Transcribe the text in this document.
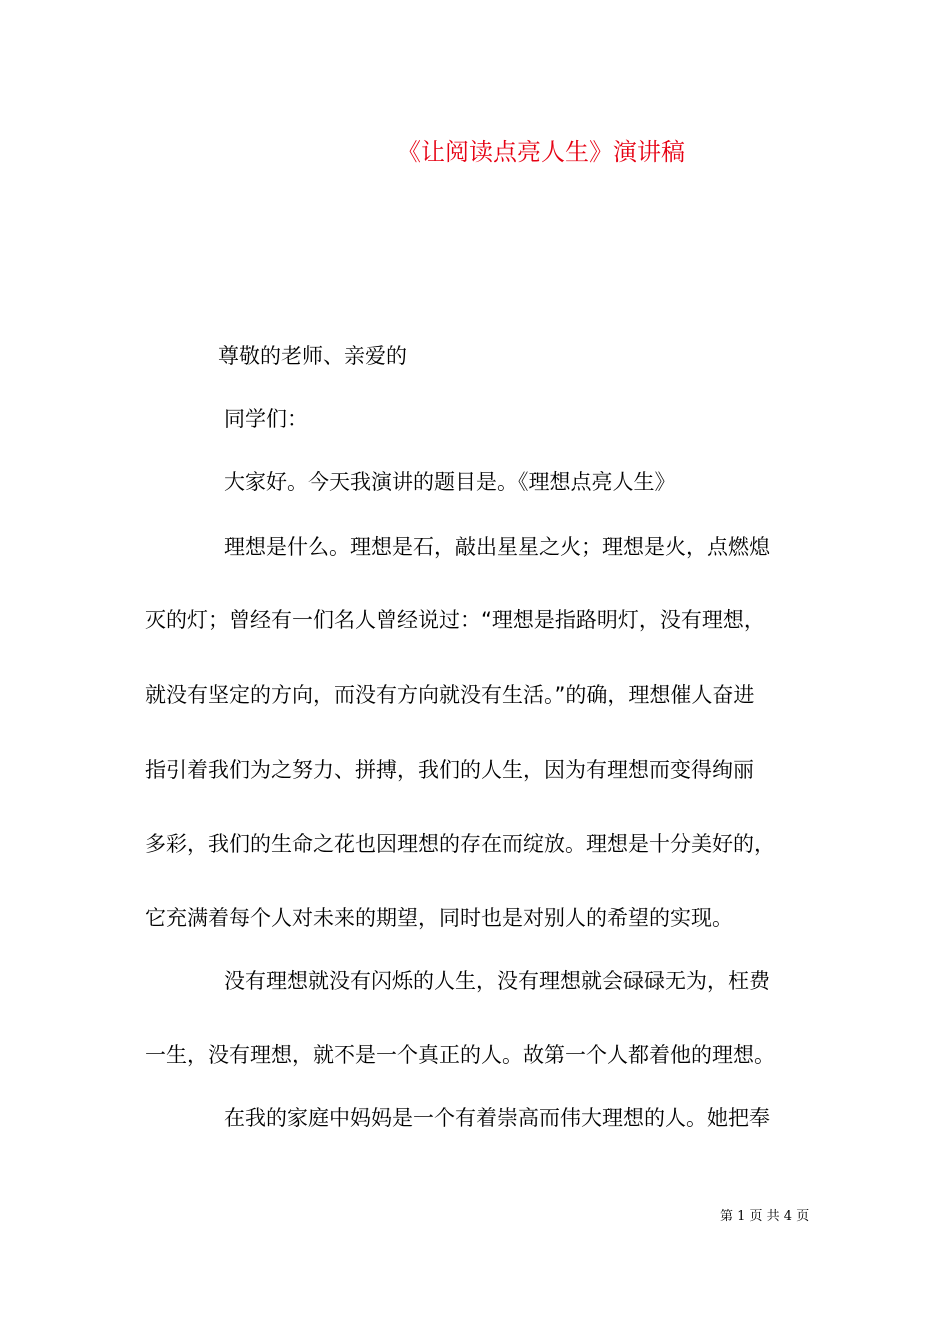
《让阅读点亮人生》演讲稿
尊敬的老师、亲爱的
同学们：
大家好。今天我演讲的题目是。《理想点亮人生》
理想是什么。理想是石，敲出星星之火；理想是火，点燃熄
灭的灯；曾经有一们名人曾经说过：“理想是指路明灯，没有理想，
就没有坚定的方向，而没有方向就没有生活。”的确，理想催人奋进
指引着我们为之努力、拼搏，我们的人生，因为有理想而变得绚丽
多彩，我们的生命之花也因理想的存在而绽放。理想是十分美好的，
它充满着每个人对未来的期望，同时也是对别人的希望的实现。
没有理想就没有闪烁的人生，没有理想就会碌碌无为，枉费
一生，没有理想，就不是一个真正的人。故第一个人都着他的理想。
在我的家庭中妈妈是一个有着崇高而伟大理想的人。她把奉
第 1 页 共 4 页
